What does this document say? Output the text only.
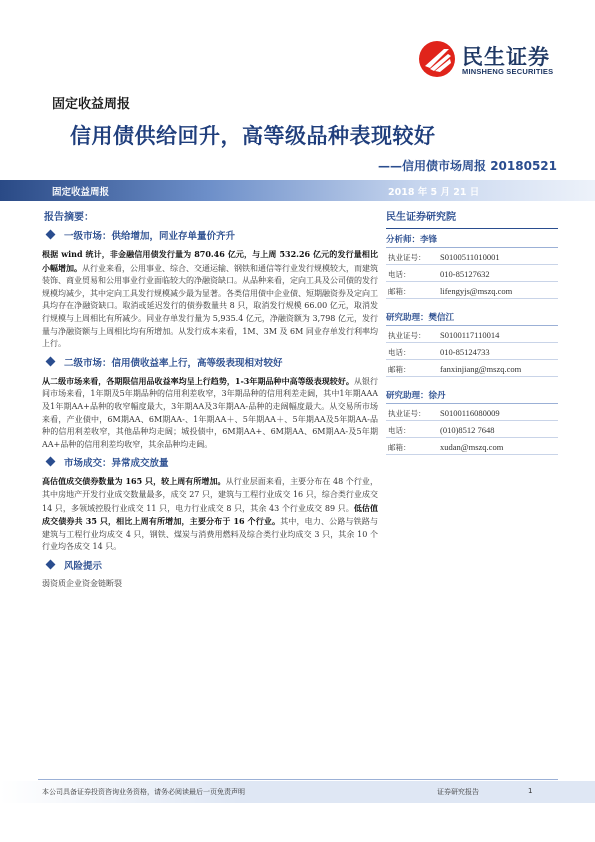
民生证券
MINSHENG SECURITIES
固定收益周报
信用债供给回升，高等级品种表现较好
——信用债市场周报 20180521
固定收益周报	2018 年 5 月 21 日
报告摘要：
一级市场：供给增加，同业存单量价齐升

根据 wind 统计，非金融信用债发行量为 870.46 亿元，与上周 532.26 亿元的发行量相比小幅增加。从行业来看，公用事业、综合、交通运输、钢铁和通信等行业发行规模较大，而建筑装饰、商业贸易和公用事业行业面临较大的净融资缺口。从品种来看，定向工具及公司债的发行规模均减少，其中定向工具发行规模减少最为显著。各类信用债中企业债、短期融资券及定向工具均存在净融资缺口。取消或延迟发行的债券数量共 8 只，取消发行规模 66.00 亿元，取消发行规模与上周相比有所减少。同业存单发行量为 5,935.4 亿元，净融资额为 3,798 亿元，发行量与净融资额与上周相比均有所增加。从发行成本来看，1M、3M 及 6M 同业存单发行利率均上行。

二级市场：信用债收益率上行，高等级表现相对较好

从二级市场来看，各期限信用品收益率均呈上行趋势，1-3年期品种中高等级表现较好。从银行间市场来看，1年期及5年期品种的信用利差收窄，3年期品种的信用利差走阔，其中1年期AAA及1年期AA+品种的收窄幅度最大，3年期AA及3年期AA-品种的走阔幅度最大。从交易所市场来看，产业债中，6M期AA、6M期AA-、1年期AA＋、5年期AA＋、5年期AA及5年期AA-品种的信用利差收窄，其他品种均走阔；城投债中，6M期AA+、6M期AA、6M期AA-及5年期AA+品种的信用利差均收窄，其余品种均走阔。

市场成交：异常成交放量

高估值成交债券数量为 165 只，较上周有所增加。从行业层面来看，主要分布在 48 个行业，其中房地产开发行业成交数量最多，成交 27 只，建筑与工程行业成交 16 只，综合类行业成交 14 只，多领域控股行业成交 11 只，电力行业成交 8 只，其余 43 个行业成交 89 只。低估值成交债券共 35 只，相比上周有所增加，主要分布于 16 个行业。其中，电力、公路与铁路与建筑与工程行业均成交 4 只，钢铁、煤炭与消费用燃料及综合类行业均成交 3 只，其余 10 个行业均各成交 14 只。

风险提示

弱资质企业资金链断裂

民生证券研究院
分析师：李锋
执业证号： S0100511010001
电话：	010-85127632
邮箱：	lifengyjs@mszq.com
研究助理：樊信江
执业证号： S0100117110014
电话：	010-85124733
邮箱：	fanxinjiang@mszq.com
研究助理：徐丹
执业证号： S0100116080009
电话：	(010)8512 7648
邮箱：	xudan@mszq.com
本公司具备证券投资咨询业务资格，请务必阅读最后一页免责声明	证券研究报告	1
